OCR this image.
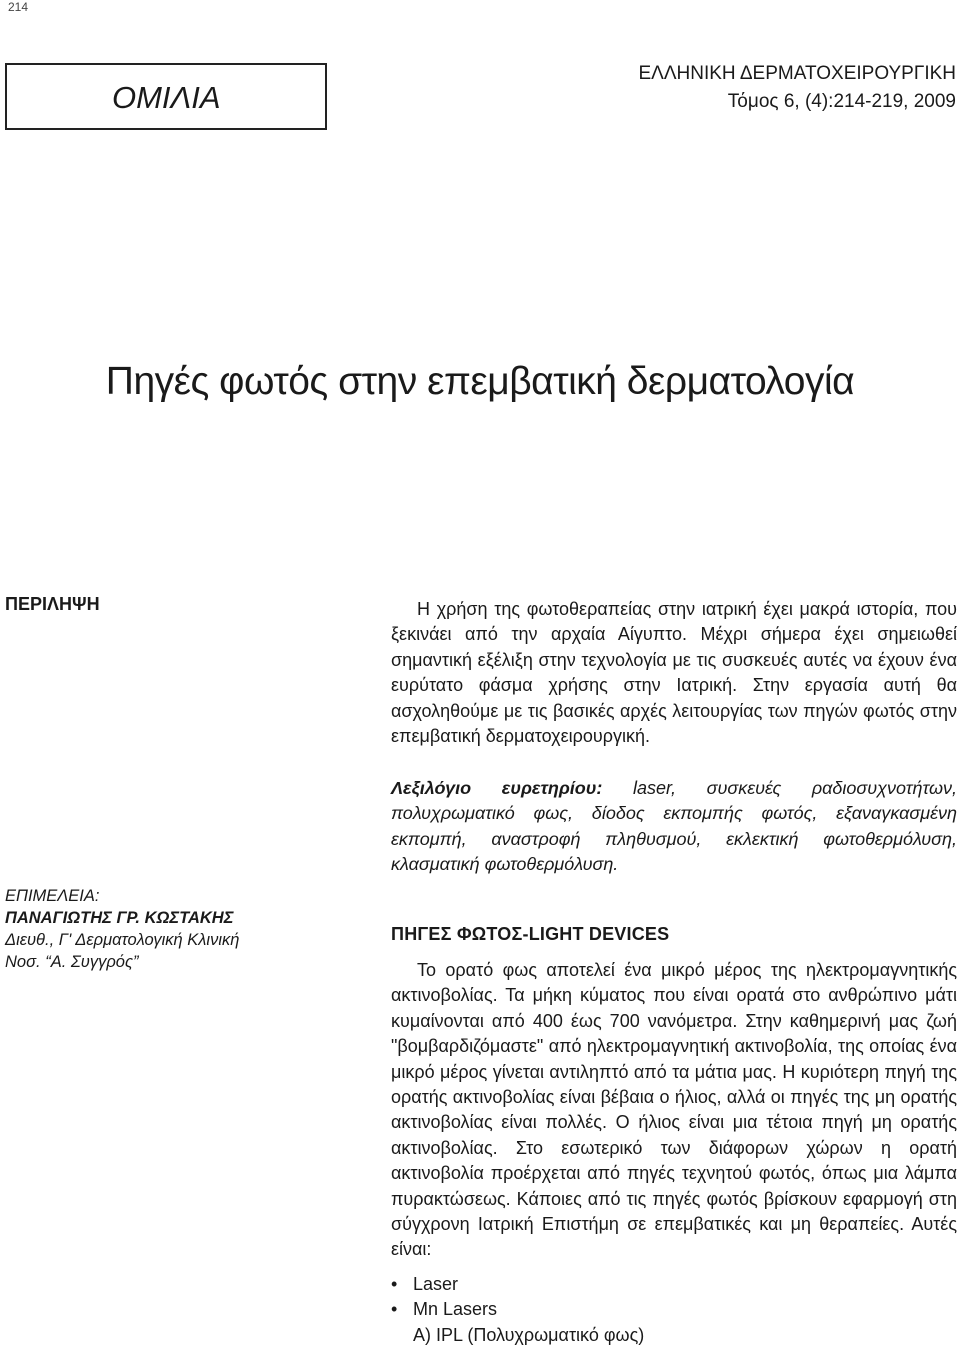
214
ΟΜΙΛΙΑ
ΕΛΛΗΝΙΚΗ ΔΕΡΜΑΤΟΧΕΙΡΟΥΡΓΙΚΗ
Τόμος 6, (4):214-219, 2009
Πηγές φωτός στην επεμβατική δερματολογία
ΠΕΡΙΛΗΨΗ	Η χρήση της φωτοθεραπείας στην ιατρική έχει μακρά ιστορία, που ξεκινάει από την αρχαία Αίγυπτο. Μέχρι σήμερα έχει σημειωθεί σημαντική εξέλιξη στην τεχνολογία με τις συσκευές αυτές να έχουν ένα ευρύτατο φάσμα χρήσης στην Ιατρική. Στην εργασία αυτή θα ασχοληθούμε με τις βασικές αρχές λειτουργίας των πηγών φωτός στην επεμβατική δερματοχειρουργική.
Λεξιλόγιο ευρετηρίου: laser, συσκευές ραδιοσυχνοτήτων, πολυχρωματικό φως, δίοδος εκπομπής φωτός, εξαναγκασμένη εκπομπή, αναστροφή πληθυσμού, εκλεκτική φωτοθερμόλυση, κλασματική φωτοθερμόλυση.
ΕΠΙΜΕΛΕΙΑ:
ΠΑΝΑΓΙΩΤΗΣ ΓΡ. ΚΩΣΤΑΚΗΣ
Διευθ., Γ' Δερματολογική Κλινική
Νοσ. “Α. Συγγρός”
ΠΗΓΕΣ ΦΩΤΟΣ-LIGHT DEVICES
Το ορατό φως αποτελεί ένα μικρό μέρος της ηλεκτρομαγνητικής ακτινοβολίας. Τα μήκη κύματος που είναι ορατά στο ανθρώπινο μάτι κυμαίνονται από 400 έως 700 νανόμετρα. Στην καθημερινή μας ζωή "βομβαρδιζόμαστε" από ηλεκτρομαγνητική ακτινοβολία, της οποίας ένα μικρό μέρος γίνεται αντιληπτό από τα μάτια μας. Η κυριότερη πηγή της ορατής ακτινοβολίας είναι βέβαια ο ήλιος, αλλά οι πηγές της μη ορατής ακτινοβολίας είναι πολλές. Ο ήλιος είναι μια τέτοια πηγή μη ορατής ακτινοβολίας. Στο εσωτερικό των διάφορων χώρων η ορατή ακτινοβολία προέρχεται από πηγές τεχνητού φωτός, όπως μια λάμπα πυρακτώσεως. Κάποιες από τις πηγές φωτός βρίσκουν εφαρμογή στη σύγχρονη Ιατρική Επιστήμη σε επεμβατικές και μη θεραπείες. Αυτές είναι:
• Laser
• Mn Lasers
A) IPL (Πολυχρωματικό φως)
